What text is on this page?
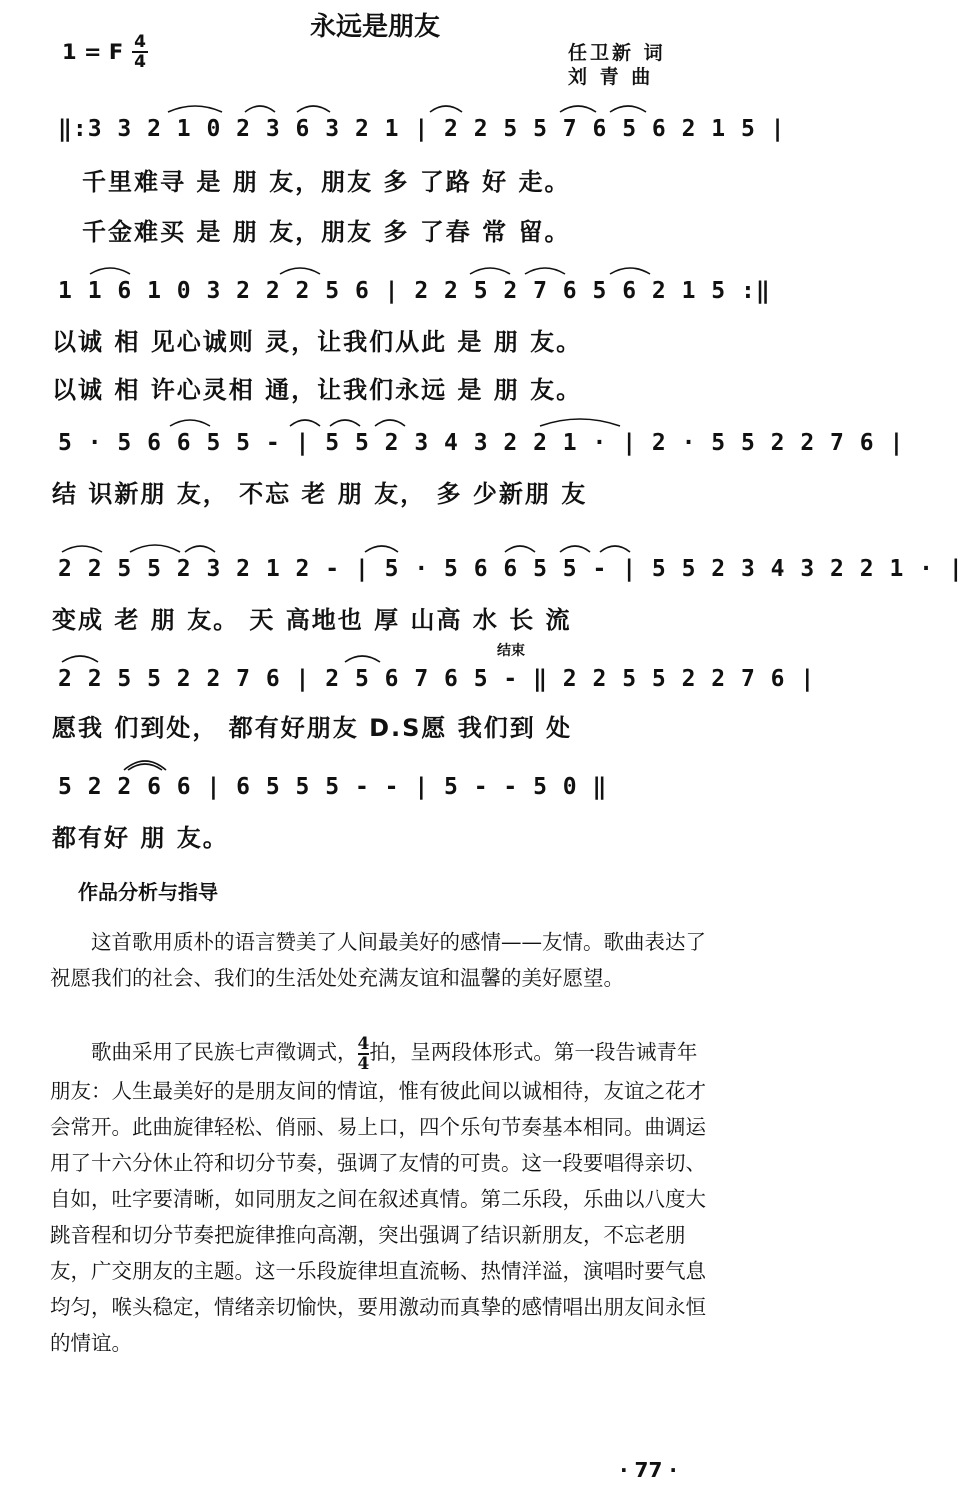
永远是朋友
1 = F $\frac{4}{4}$	任卫新 词
刘 青 曲
‖:3 3 2 1 0 2 3 6 3 2 1 | 2 2 5 5 7 6 5 6 2 1 5 |
千里难寻 是 朋 友，朋友 多 了路 好 走。
千金难买 是 朋 友，朋友 多 了春 常 留。
1 1 6 1 0 3 2 2 2 5 6 | 2 2 5 2 7 6 5 6 2 1 5 :‖
以诚 相 见心诚则 灵，让我们从此 是 朋 友。
以诚 相 许心灵相 通，让我们永远 是 朋 友。
5 · 5 6 6 5 5 - | 5 5 2 3 4 3 2 2 1 · | 2 · 5 5 2 2 7 6 |
结 识新朋 友， 不忘 老 朋 友， 多 少新朋 友
2 2 5 5 2 3 2 1 2 - | 5 · 5 6 6 5 5 - | 5 5 2 3 4 3 2 2 1 · |
变成 老 朋 友。 天 高地也 厚 山高 水 长 流
结束
2 2 5 5 2 2 7 6 | 2 5 6 7 6 5 - ‖ 2 2 5 5 2 2 7 6 |
愿我 们到处， 都有好朋友 D.S愿 我们到 处
5 2 2 6 6 | 6 5 5 5 - - | 5 - - 5 0 ‖
都有好 朋 友。
作品分析与指导
这首歌用质朴的语言赞美了人间最美好的感情——友情。歌曲表达了祝愿我们的社会、我们的生活处处充满友谊和温馨的美好愿望。
歌曲采用了民族七声徵调式， $\frac{4}{4}$ 拍，呈两段体形式。第一段告诫青年朋友：人生最美好的是朋友间的情谊，惟有彼此间以诚相待，友谊之花才会常开。此曲旋律轻松、俏丽、易上口，四个乐句节奏基本相同。曲调运用了十六分休止符和切分节奏，强调了友情的可贵。这一段要唱得亲切、自如，吐字要清晰，如同朋友之间在叙述真情。第二乐段，乐曲以八度大跳音程和切分节奏把旋律推向高潮，突出强调了结识新朋友，不忘老朋友，广交朋友的主题。这一乐段旋律坦直流畅、热情洋溢，演唱时要气息均匀，喉头稳定，情绪亲切愉快，要用激动而真挚的感情唱出朋友间永恒的情谊。
· 77 ·
